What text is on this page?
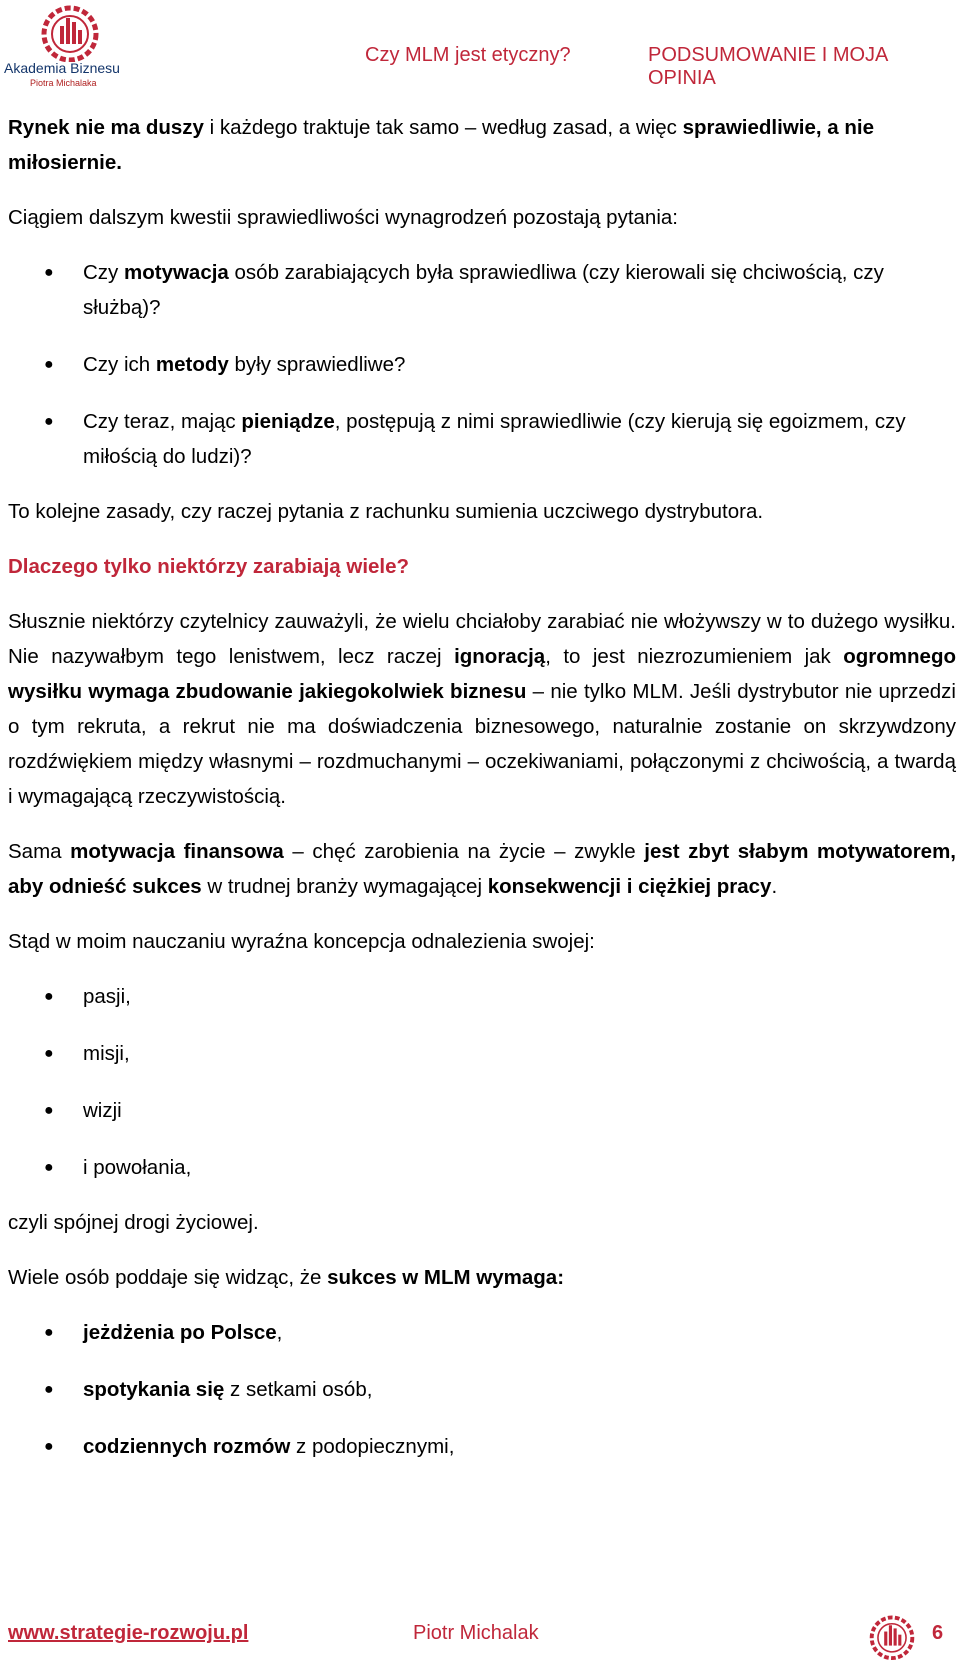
Akademia Biznesu
Piotra Michalaka
Czy MLM jest etyczny?	PODSUMOWANIE I MOJA OPINIA

Rynek nie ma duszy i każdego traktuje tak samo – według zasad, a więc sprawiedliwie, a nie miłosiernie.

Ciągiem dalszym kwestii sprawiedliwości wynagrodzeń pozostają pytania:

● Czy motywacja osób zarabiających była sprawiedliwa (czy kierowali się chciwością, czy służbą)?
● Czy ich metody były sprawiedliwe?
● Czy teraz, mając pieniądze, postępują z nimi sprawiedliwie (czy kierują się egoizmem, czy miłością do ludzi)?

To kolejne zasady, czy raczej pytania z rachunku sumienia uczciwego dystrybutora.

Dlaczego tylko niektórzy zarabiają wiele?

Słusznie niektórzy czytelnicy zauważyli, że wielu chciałoby zarabiać nie włożywszy w to dużego wysiłku. Nie nazywałbym tego lenistwem, lecz raczej ignoracją, to jest niezrozumieniem jak ogromnego wysiłku wymaga zbudowanie jakiegokolwiek biznesu – nie tylko MLM. Jeśli dystrybutor nie uprzedzi o tym rekruta, a rekrut nie ma doświadczenia biznesowego, naturalnie zostanie on skrzywdzony rozdźwiękiem między własnymi – rozdmuchanymi – oczekiwaniami, połączonymi z chciwością, a twardą i wymagającą rzeczywistością.

Sama motywacja finansowa – chęć zarobienia na życie – zwykle jest zbyt słabym motywatorem, aby odnieść sukces w trudnej branży wymagającej konsekwencji i ciężkiej pracy.

Stąd w moim nauczaniu wyraźna koncepcja odnalezienia swojej:

● pasji,
● misji,
● wizji
● i powołania,

czyli spójnej drogi życiowej.

Wiele osób poddaje się widząc, że sukces w MLM wymaga:

● jeżdżenia po Polsce,
● spotykania się z setkami osób,
● codziennych rozmów z podopiecznymi,
www.strategie-rozwoju.pl	Piotr Michalak	6
